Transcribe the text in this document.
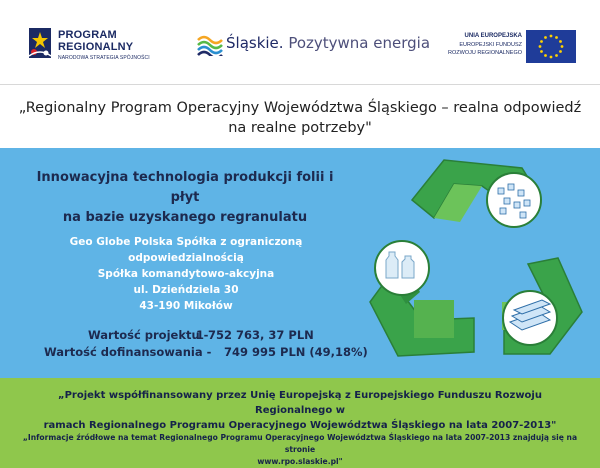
PROGRAM
REGIONALNY
NARODOWA STRATEGIA SPÓJNOŚCI
Śląskie. Pozytywna energia	UNIA EUROPEJSKA
EUROPEJSKI FUNDUSZ
ROZWOJU REGIONALNEGO
„Regionalny Program Operacyjny Województwa Śląskiego – realna odpowiedź
na realne potrzeby"
Innowacyjna technologia produkcji folii i płyt
na bazie uzyskanego regranulatu
Geo Globe Polska Spółka z ograniczoną odpowiedzialnością
Spółka komandytowo-akcyjna
ul. Dzieńdziela 30
43-190 Mikołów
Wartość projektu -
1 752 763, 37 PLN
Wartość dofinansowania - 749 995 PLN (49,18%)
„Projekt współfinansowany przez Unię Europejską z Europejskiego Funduszu Rozwoju Regionalnego w
ramach Regionalnego Programu Operacyjnego Województwa Śląskiego na lata 2007-2013"
„Informacje źródłowe na temat Regionalnego Programu Operacyjnego Województwa Śląskiego na lata 2007-2013 znajdują się na stronie
www.rpo.slaskie.pl"
